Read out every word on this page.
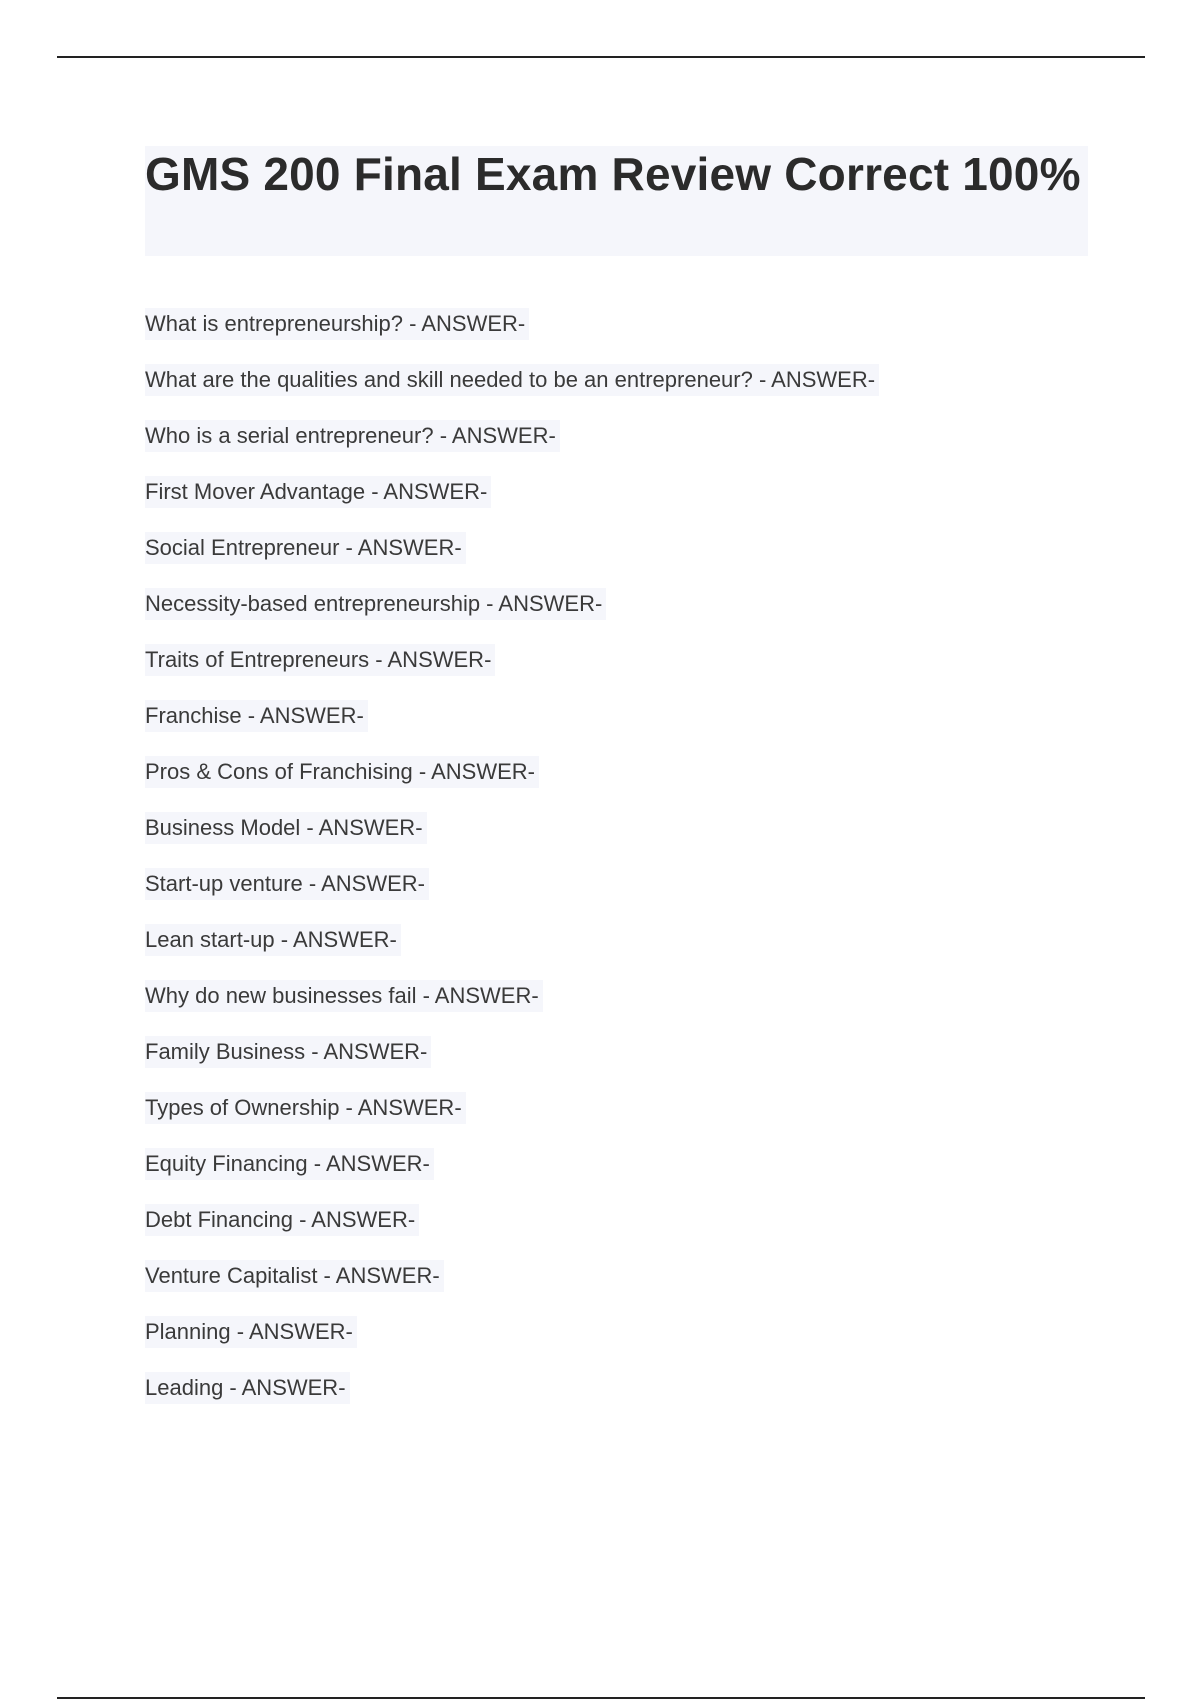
GMS 200 Final Exam Review Correct 100%
What is entrepreneurship? - ANSWER-
What are the qualities and skill needed to be an entrepreneur? - ANSWER-
Who is a serial entrepreneur? - ANSWER-
First Mover Advantage - ANSWER-
Social Entrepreneur - ANSWER-
Necessity-based entrepreneurship - ANSWER-
Traits of Entrepreneurs - ANSWER-
Franchise - ANSWER-
Pros & Cons of Franchising - ANSWER-
Business Model - ANSWER-
Start-up venture - ANSWER-
Lean start-up - ANSWER-
Why do new businesses fail - ANSWER-
Family Business - ANSWER-
Types of Ownership - ANSWER-
Equity Financing - ANSWER-
Debt Financing - ANSWER-
Venture Capitalist - ANSWER-
Planning - ANSWER-
Leading - ANSWER-
